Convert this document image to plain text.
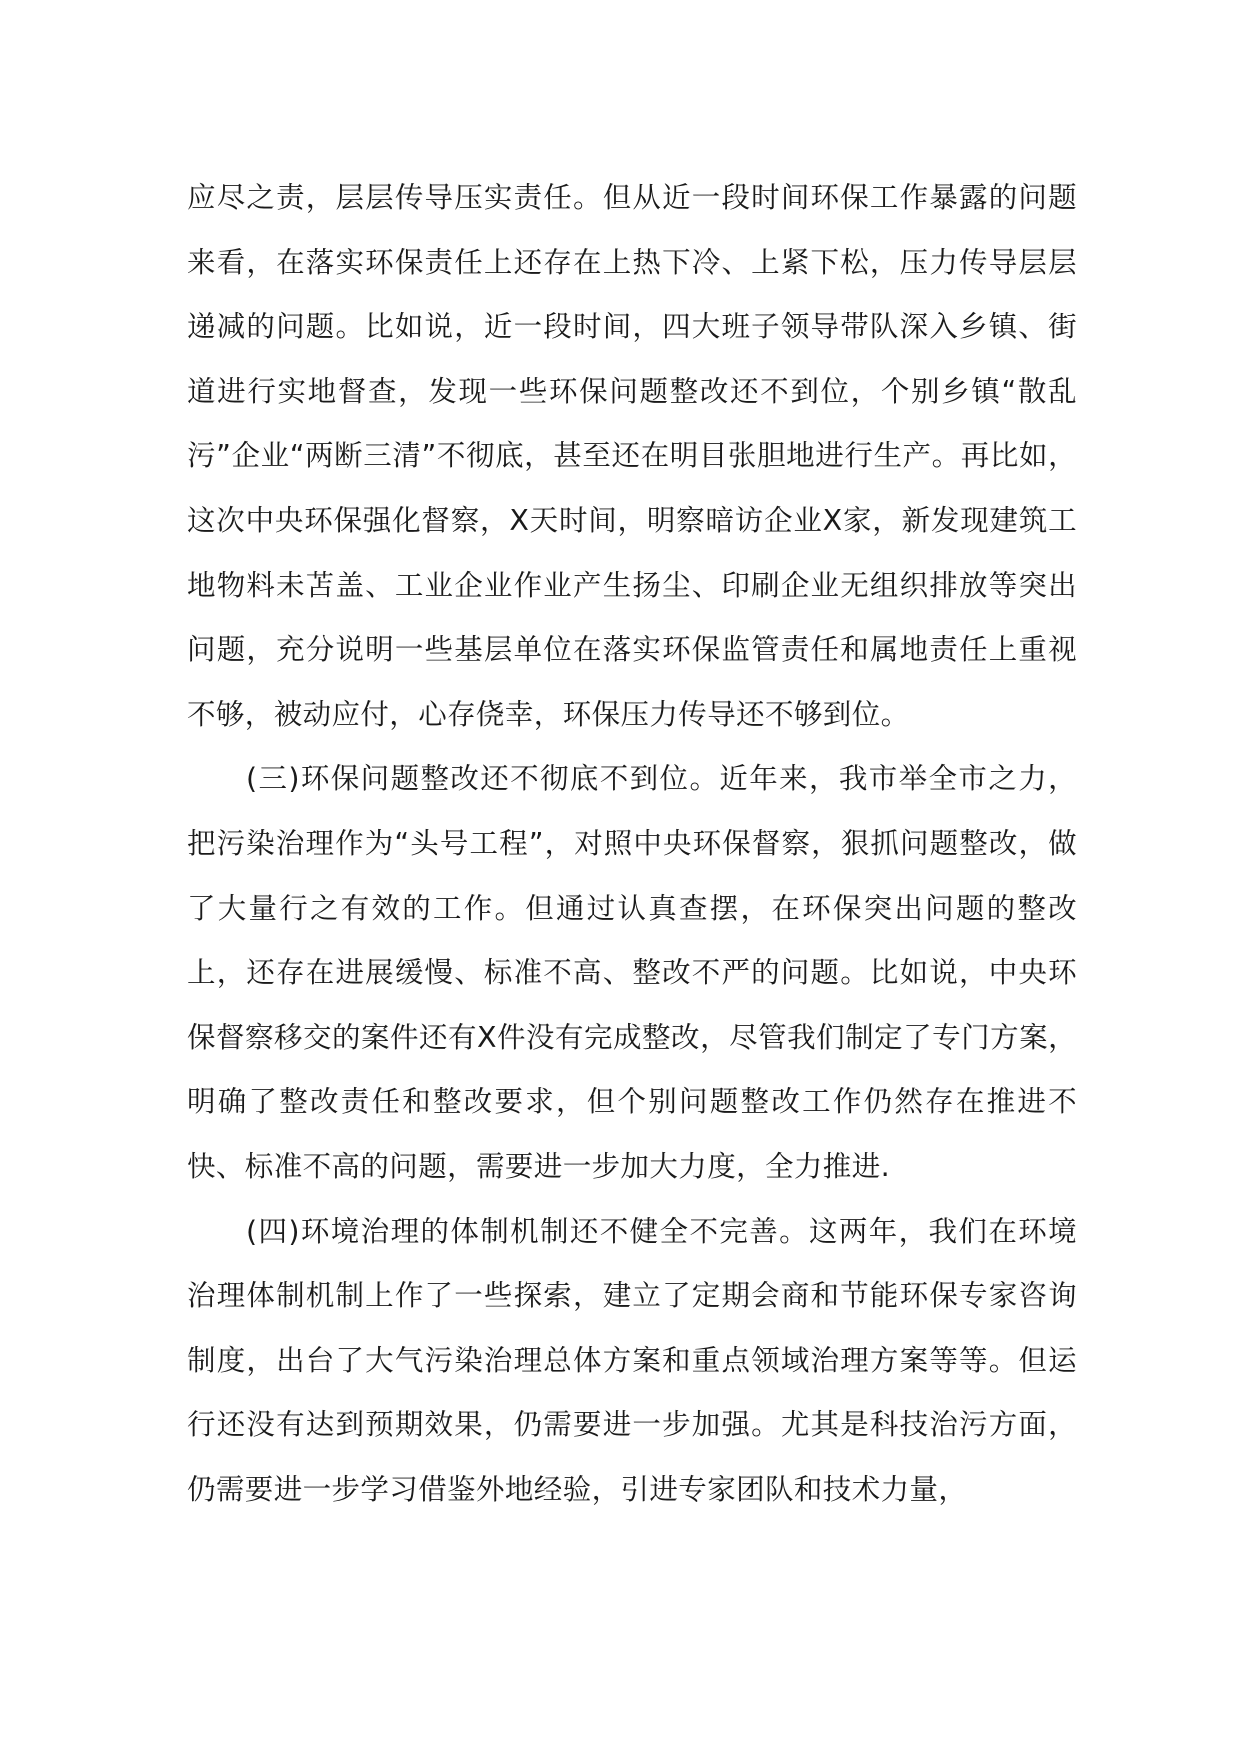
应尽之责，层层传导压实责任。但从近一段时间环保工作暴露的问题来看，在落实环保责任上还存在上热下冷、上紧下松，压力传导层层递减的问题。比如说，近一段时间，四大班子领导带队深入乡镇、街道进行实地督查，发现一些环保问题整改还不到位，个别乡镇“散乱污”企业“两断三清”不彻底，甚至还在明目张胆地进行生产。再比如，这次中央环保强化督察，X天时间，明察暗访企业X家，新发现建筑工地物料未苫盖、工业企业作业产生扬尘、印刷企业无组织排放等突出问题，充分说明一些基层单位在落实环保监管责任和属地责任上重视不够，被动应付，心存侥幸，环保压力传导还不够到位。

(三)环保问题整改还不彻底不到位。近年来，我市举全市之力，把污染治理作为“头号工程”，对照中央环保督察，狠抓问题整改，做了大量行之有效的工作。但通过认真查摆，在环保突出问题的整改上，还存在进展缓慢、标准不高、整改不严的问题。比如说，中央环保督察移交的案件还有X件没有完成整改，尽管我们制定了专门方案，明确了整改责任和整改要求，但个别问题整改工作仍然存在推进不快、标准不高的问题，需要进一步加大力度，全力推进.

(四)环境治理的体制机制还不健全不完善。这两年，我们在环境治理体制机制上作了一些探索，建立了定期会商和节能环保专家咨询制度，出台了大气污染治理总体方案和重点领域治理方案等等。但运行还没有达到预期效果，仍需要进一步加强。尤其是科技治污方面，仍需要进一步学习借鉴外地经验，引进专家团队和技术力量，
